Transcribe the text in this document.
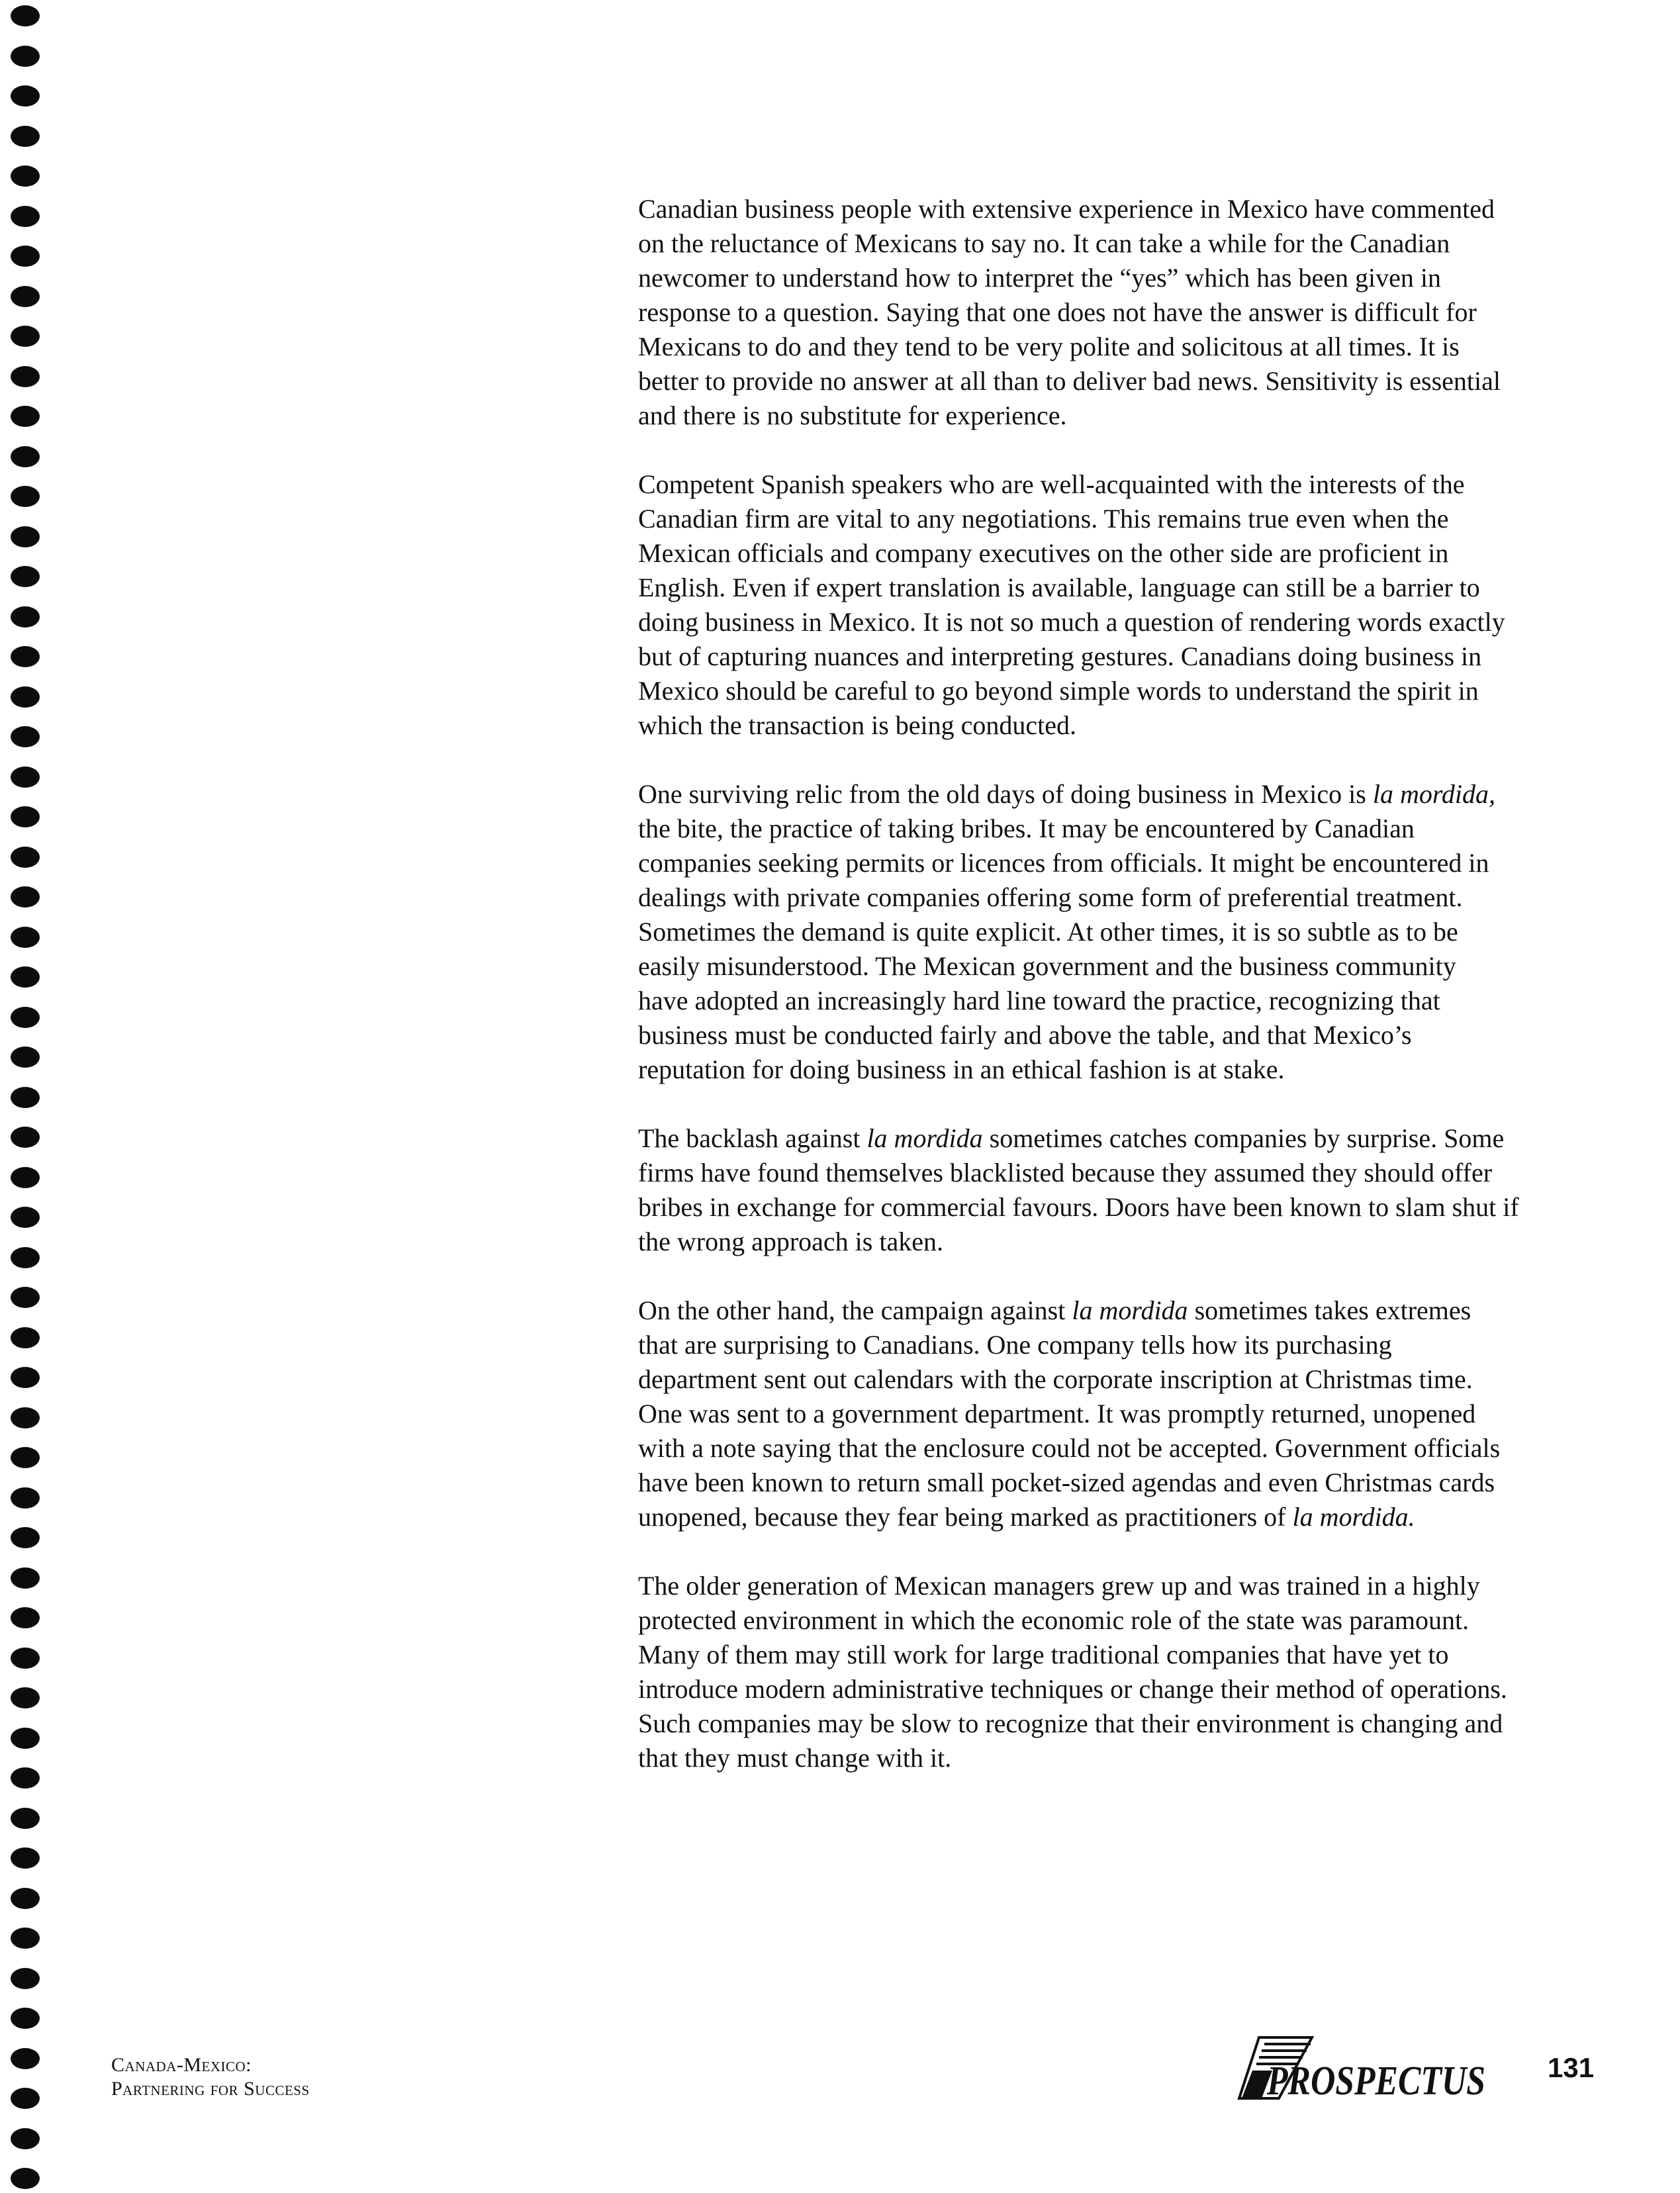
Canadian business people with extensive experience in Mexico have commented
on the reluctance of Mexicans to say no. It can take a while for the Canadian
newcomer to understand how to interpret the “yes” which has been given in
response to a question. Saying that one does not have the answer is difficult for
Mexicans to do and they tend to be very polite and solicitous at all times. It is
better to provide no answer at all than to deliver bad news. Sensitivity is essential
and there is no substitute for experience.

Competent Spanish speakers who are well-acquainted with the interests of the
Canadian firm are vital to any negotiations. This remains true even when the
Mexican officials and company executives on the other side are proficient in
English. Even if expert translation is available, language can still be a barrier to
doing business in Mexico. It is not so much a question of rendering words exactly
but of capturing nuances and interpreting gestures. Canadians doing business in
Mexico should be careful to go beyond simple words to understand the spirit in
which the transaction is being conducted.

One surviving relic from the old days of doing business in Mexico is la mordida,
the bite, the practice of taking bribes. It may be encountered by Canadian
companies seeking permits or licences from officials. It might be encountered in
dealings with private companies offering some form of preferential treatment.
Sometimes the demand is quite explicit. At other times, it is so subtle as to be
easily misunderstood. The Mexican government and the business community
have adopted an increasingly hard line toward the practice, recognizing that
business must be conducted fairly and above the table, and that Mexico’s
reputation for doing business in an ethical fashion is at stake.

The backlash against la mordida sometimes catches companies by surprise. Some
firms have found themselves blacklisted because they assumed they should offer
bribes in exchange for commercial favours. Doors have been known to slam shut if
the wrong approach is taken.

On the other hand, the campaign against la mordida sometimes takes extremes
that are surprising to Canadians. One company tells how its purchasing
department sent out calendars with the corporate inscription at Christmas time.
One was sent to a government department. It was promptly returned, unopened
with a note saying that the enclosure could not be accepted. Government officials
have been known to return small pocket-sized agendas and even Christmas cards
unopened, because they fear being marked as practitioners of la mordida.

The older generation of Mexican managers grew up and was trained in a highly
protected environment in which the economic role of the state was paramount.
Many of them may still work for large traditional companies that have yet to
introduce modern administrative techniques or change their method of operations.
Such companies may be slow to recognize that their environment is changing and
that they must change with it.

Canada-Mexico:
Partnering for Success	PROSPECTUS 131
